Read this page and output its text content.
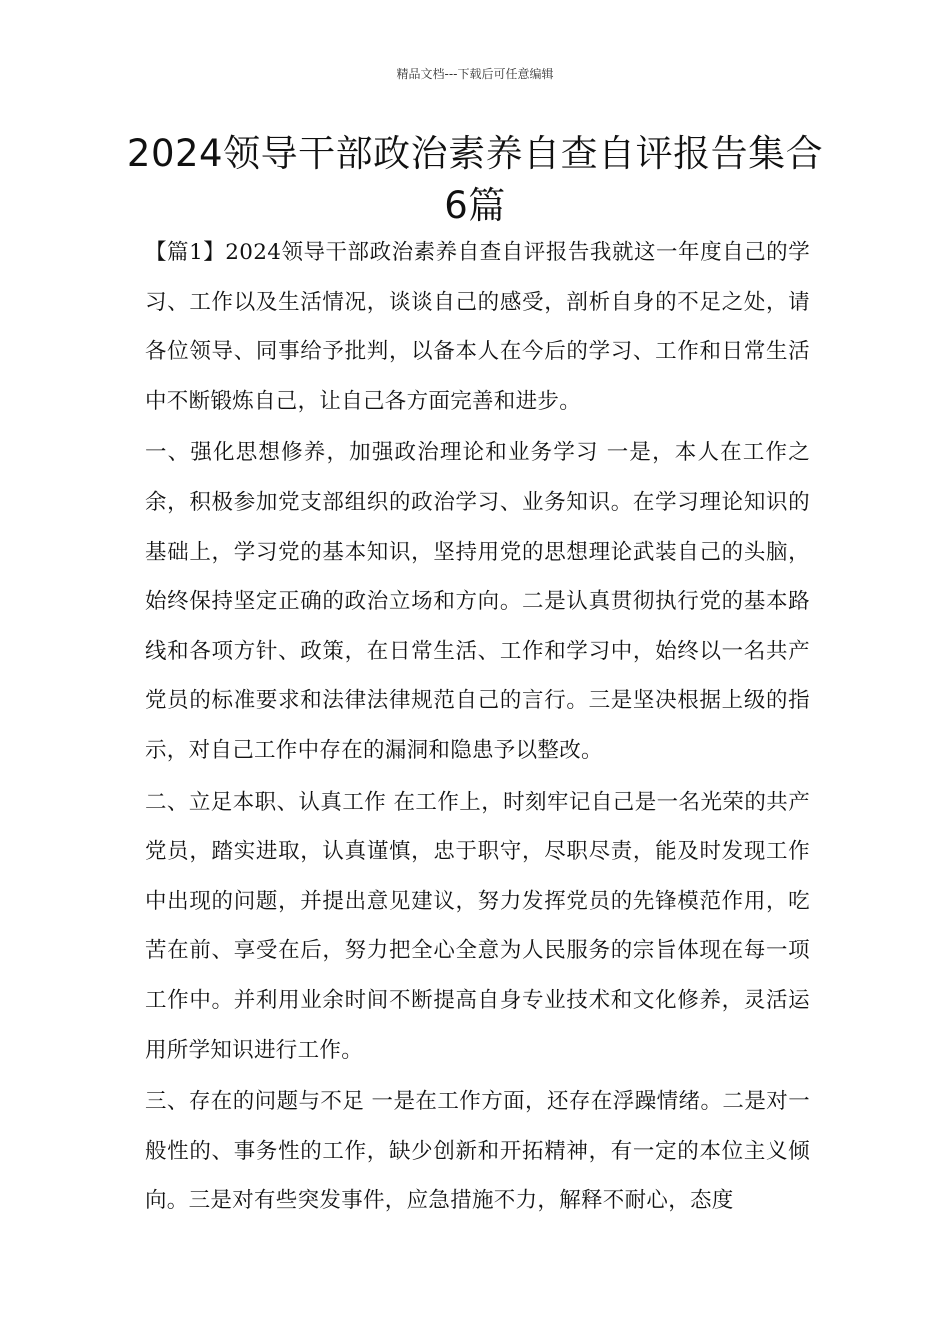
精品文档---下载后可任意编辑
2024领导干部政治素养自查自评报告集合6篇

【篇1】2024领导干部政治素养自查自评报告我就这一年度自己的学习、工作以及生活情况，谈谈自己的感受，剖析自身的不足之处，请各位领导、同事给予批判，以备本人在今后的学习、工作和日常生活中不断锻炼自己，让自己各方面完善和进步。

一、强化思想修养，加强政治理论和业务学习 一是，本人在工作之余，积极参加党支部组织的政治学习、业务知识。在学习理论知识的基础上，学习党的基本知识，坚持用党的思想理论武装自己的头脑，始终保持坚定正确的政治立场和方向。二是认真贯彻执行党的基本路线和各项方针、政策，在日常生活、工作和学习中，始终以一名共产党员的标准要求和法律法律规范自己的言行。三是坚决根据上级的指示，对自己工作中存在的漏洞和隐患予以整改。

二、立足本职、认真工作 在工作上，时刻牢记自己是一名光荣的共产党员，踏实进取，认真谨慎，忠于职守，尽职尽责，能及时发现工作中出现的问题，并提出意见建议，努力发挥党员的先锋模范作用，吃苦在前、享受在后，努力把全心全意为人民服务的宗旨体现在每一项工作中。并利用业余时间不断提高自身专业技术和文化修养，灵活运用所学知识进行工作。

三、存在的问题与不足 一是在工作方面，还存在浮躁情绪。二是对一般性的、事务性的工作，缺少创新和开拓精神，有一定的本位主义倾向。三是对有些突发事件，应急措施不力，解释不耐心，态度
